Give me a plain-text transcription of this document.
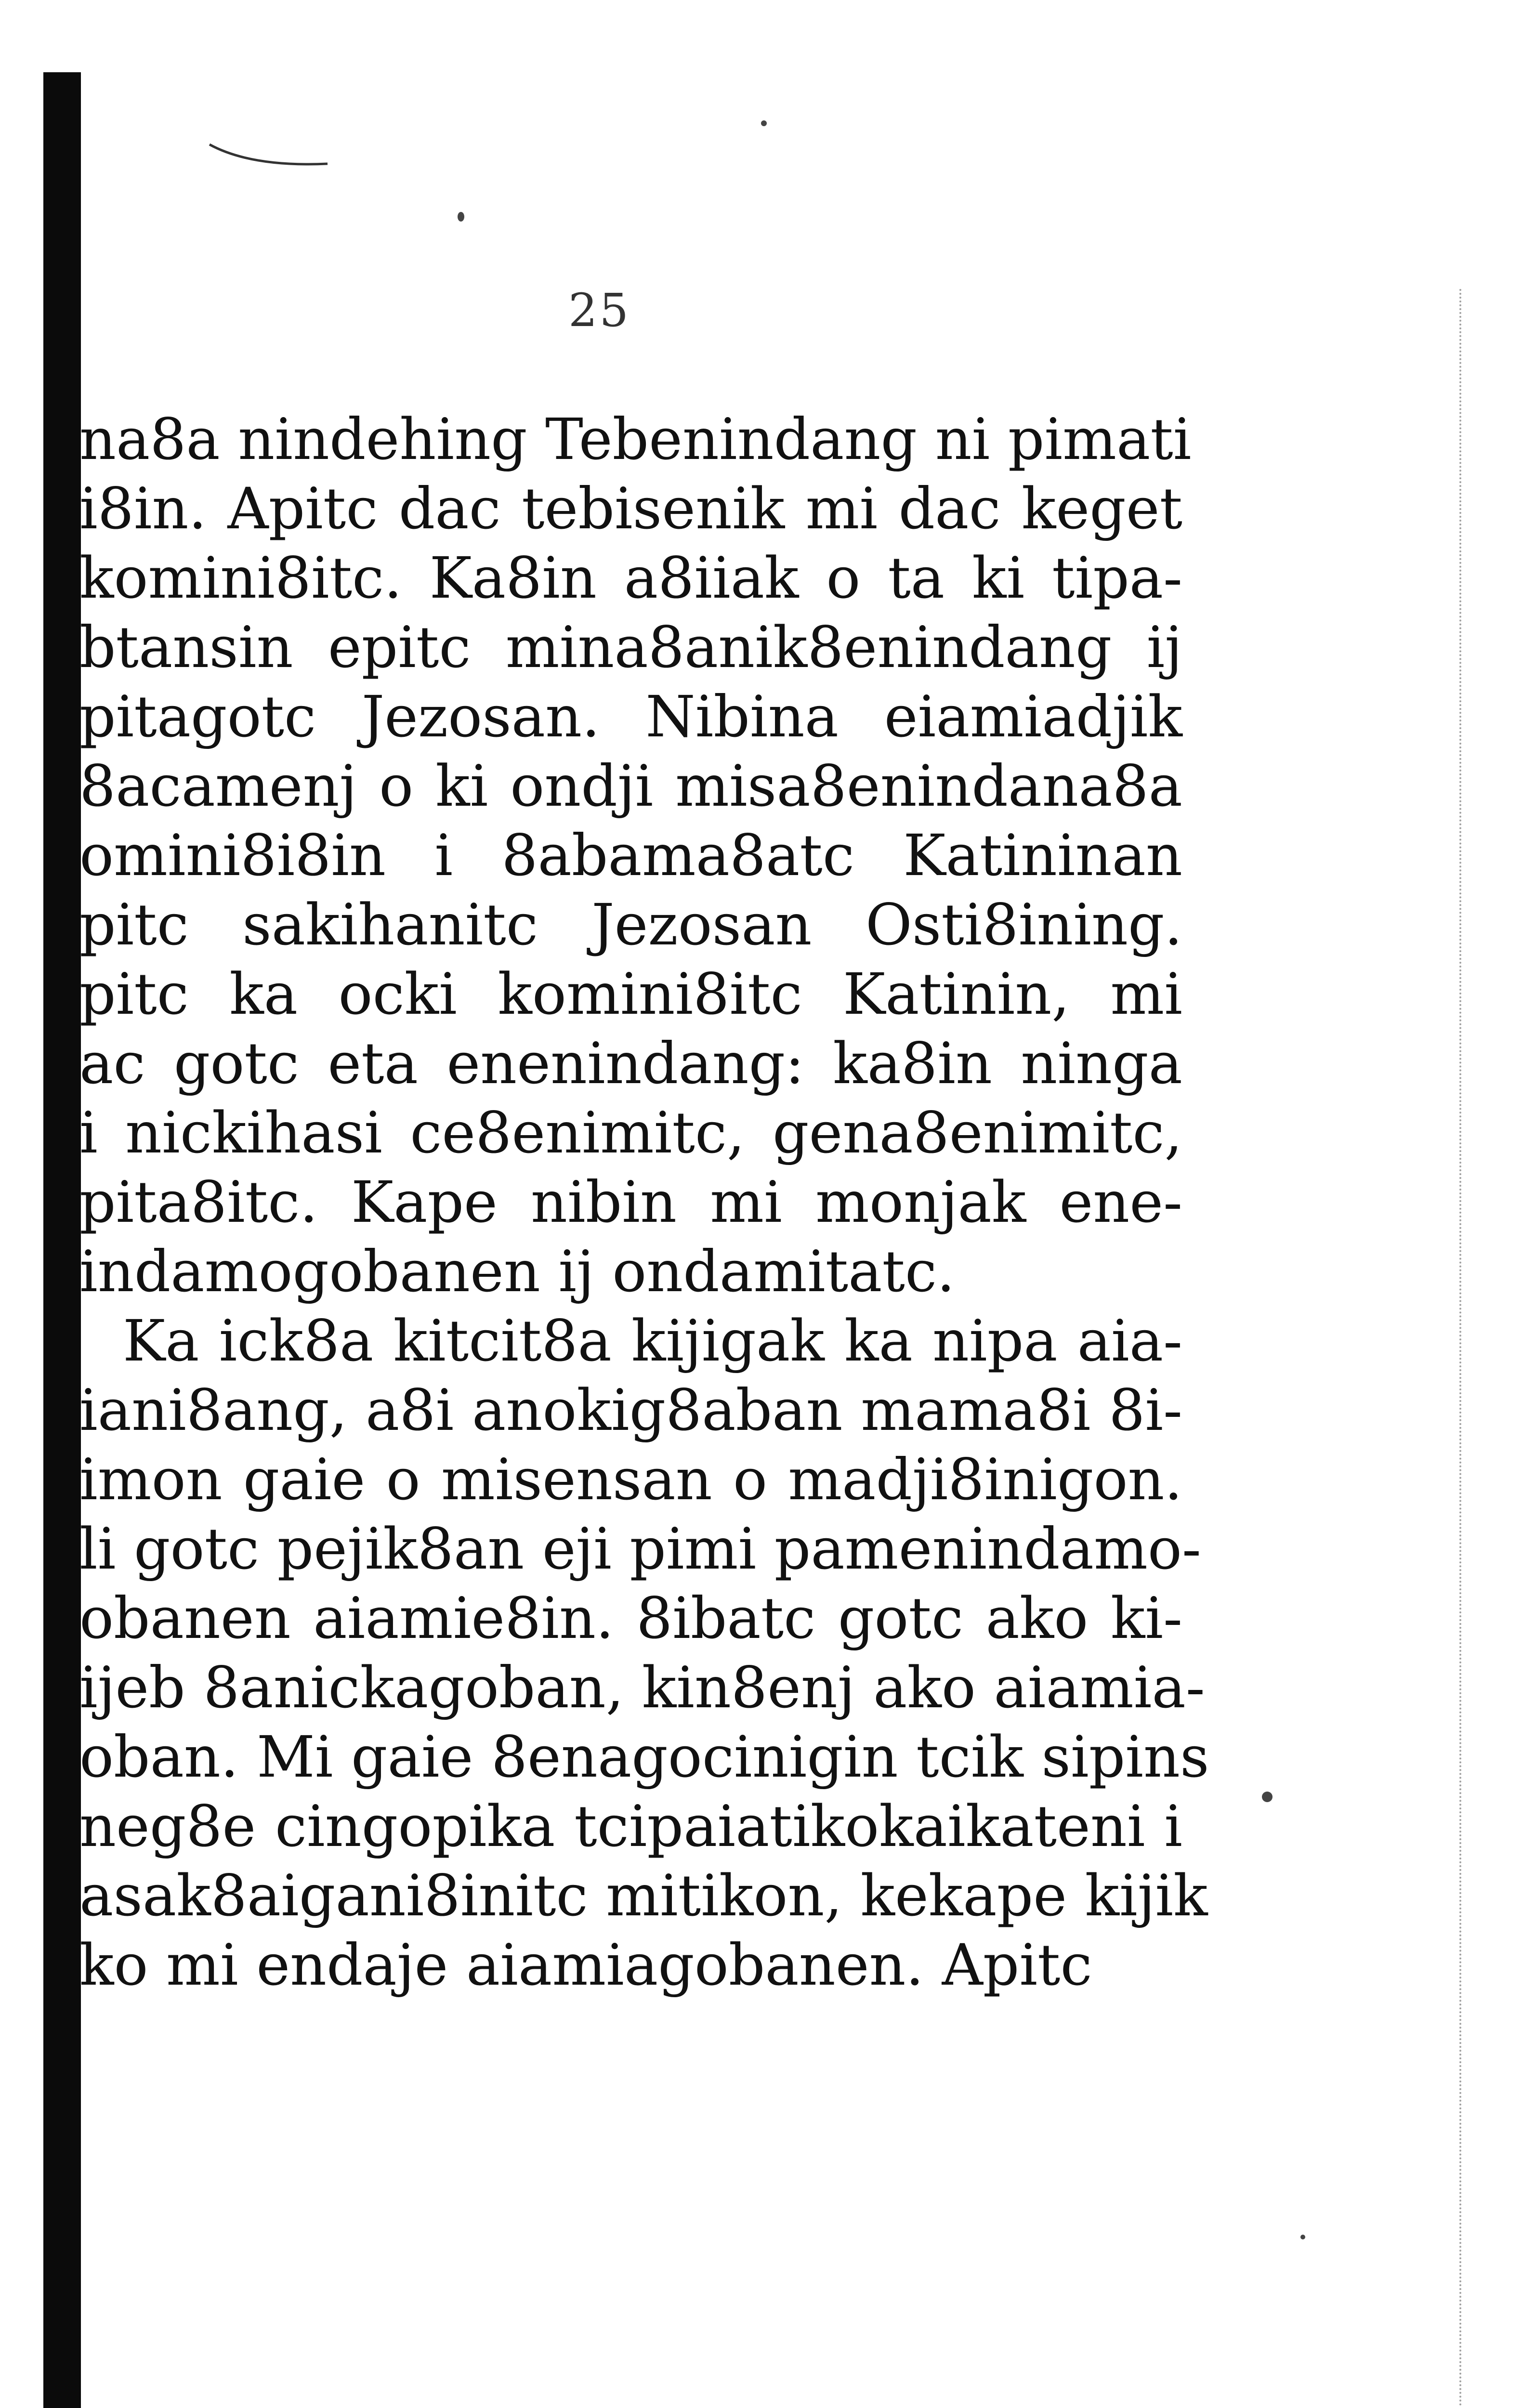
25
na8a nindehing Tebenindang ni pimati
i8in. Apitc dac tebisenik mi dac keget
komini8itc. Ka8in a8iiak o ta ki tipa-
btansin epitc mina8anik8enindang ij
pitagotc Jezosan. Nibina eiamiadjik
8acamenj o ki ondji misa8enindana8a
omini8i8in i 8abama8atc Katininan
pitc sakihanitc Jezosan Osti8ining.
pitc ka ocki komini8itc Katinin, mi
ac gotc eta enenindang: ka8in ninga
i nickihasi ce8enimitc, gena8enimitc,
pita8itc. Kape nibin mi monjak ene-
indamogobanen ij ondamitatc.
Ka ick8a kitcit8a kijigak ka nipa aia-
iani8ang, a8i anokig8aban mama8i 8i-
imon gaie o misensan o madji8inigon.
li gotc pejik8an eji pimi pamenindamo-
obanen aiamie8in. 8ibatc gotc ako ki-
ijeb 8anickagoban, kin8enj ako aiamia-
oban. Mi gaie 8enagocinigin tcik sipins
neg8e cingopika tcipaiatikokaikateni i
asak8aigani8initc mitikon, kekape kijik
ko mi endaje aiamiagobanen. Apitc
